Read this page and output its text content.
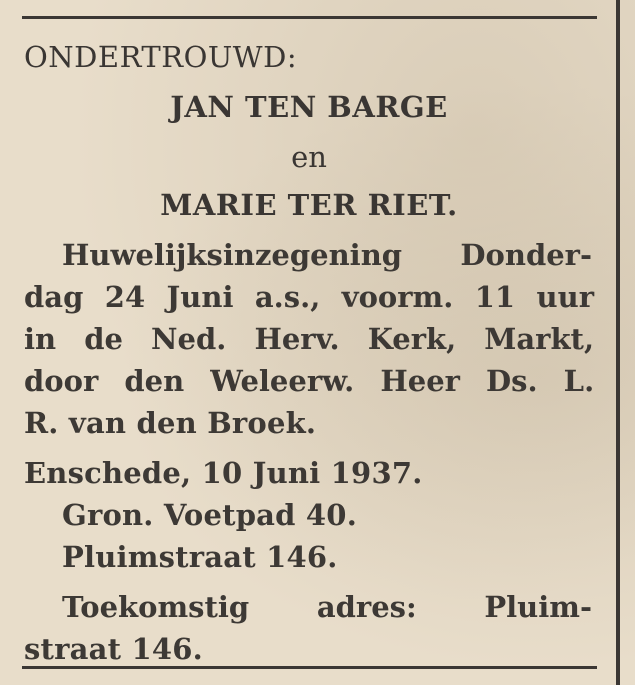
ONDERTROUWD:

JAN TEN BARGE

en

MARIE TER RIET.

Huwelijksinzegening Donder-

dag 24 Juni a.s., voorm. 11 uur

in de Ned. Herv. Kerk, Markt,

door den Weleerw. Heer Ds. L.

R. van den Broek.

Enschede, 10 Juni 1937.

Gron. Voetpad 40.

Pluimstraat 146.

Toekomstig adres: Pluim-

straat 146.
